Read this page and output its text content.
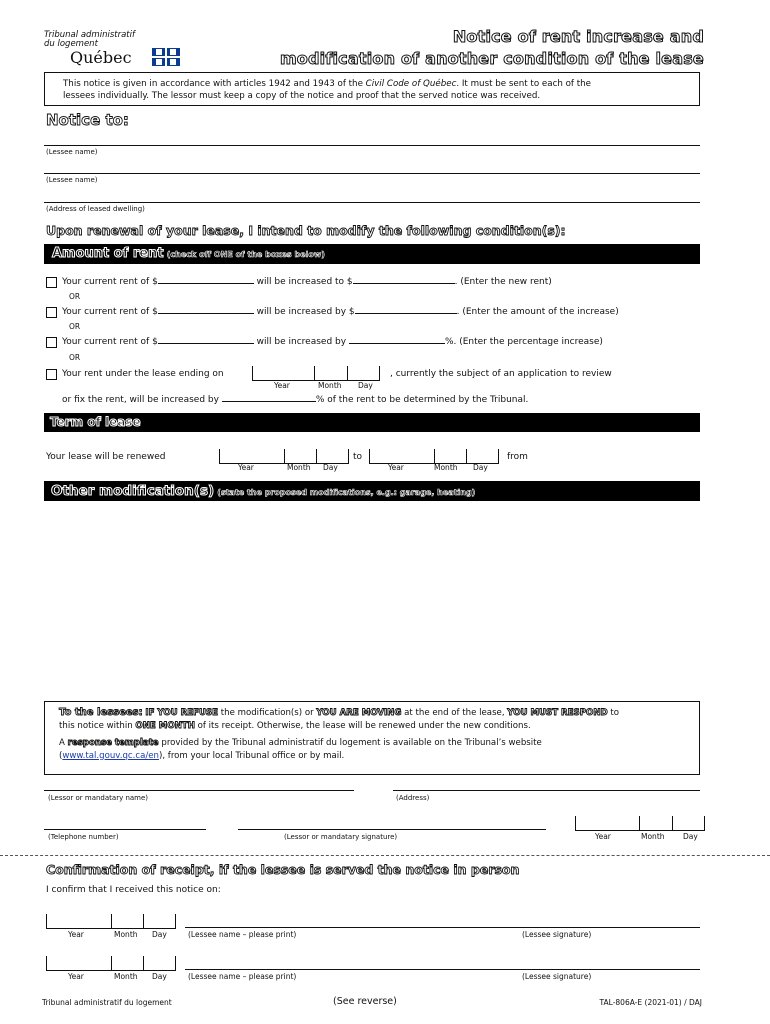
Tribunal administratif
du logement
Québec
Notice of rent increase and
modification of another condition of the lease
This notice is given in accordance with articles 1942 and 1943 of the Civil Code of Québec. It must be sent to each of the
lessees individually. The lessor must keep a copy of the notice and proof that the served notice was received.
Notice to:
(Lessee name)
(Lessee name)
(Address of leased dwelling)
Upon renewal of your lease, I intend to modify the following condition(s):
Amount of rent (check off ONE of the boxes below)
Your current rent of $	will be increased to $	. (Enter the new rent)
OR
Your current rent of $	will be increased by $	. (Enter the amount of the increase)
OR
Your current rent of $	will be increased by	%. (Enter the percentage increase)
OR
Your rent under the lease ending on	, currently the subject of an application to review
Year	Month Day
or fix the rent, will be increased by	% of the rent to be determined by the Tribunal.
Term of lease
Your lease will be renewed	to	from
Year	Month Day	Year	Month Day
Other modification(s) (state the proposed modifications, e.g.: garage, heating)
To the lessees: IF YOU REFUSE the modification(s) or YOU ARE MOVING at the end of the lease, YOU MUST RESPOND to
this notice within ONE MONTH of its receipt. Otherwise, the lease will be renewed under the new conditions.
A response template provided by the Tribunal administratif du logement is available on the Tribunal’s website
(www.tal.gouv.qc.ca/en), from your local Tribunal office or by mail.
(Lessor or mandatary name)	(Address)
(Telephone number)	(Lessor or mandatary signature)	Year	Month Day
Confirmation of receipt, if the lessee is served the notice in person
I confirm that I received this notice on:
Year	Month Day	(Lessee name – please print)	(Lessee signature)
Year	Month Day	(Lessee name – please print)	(Lessee signature)
Tribunal administratif du logement	(See reverse)	TAL-806A-E (2021-01) / DAJ
